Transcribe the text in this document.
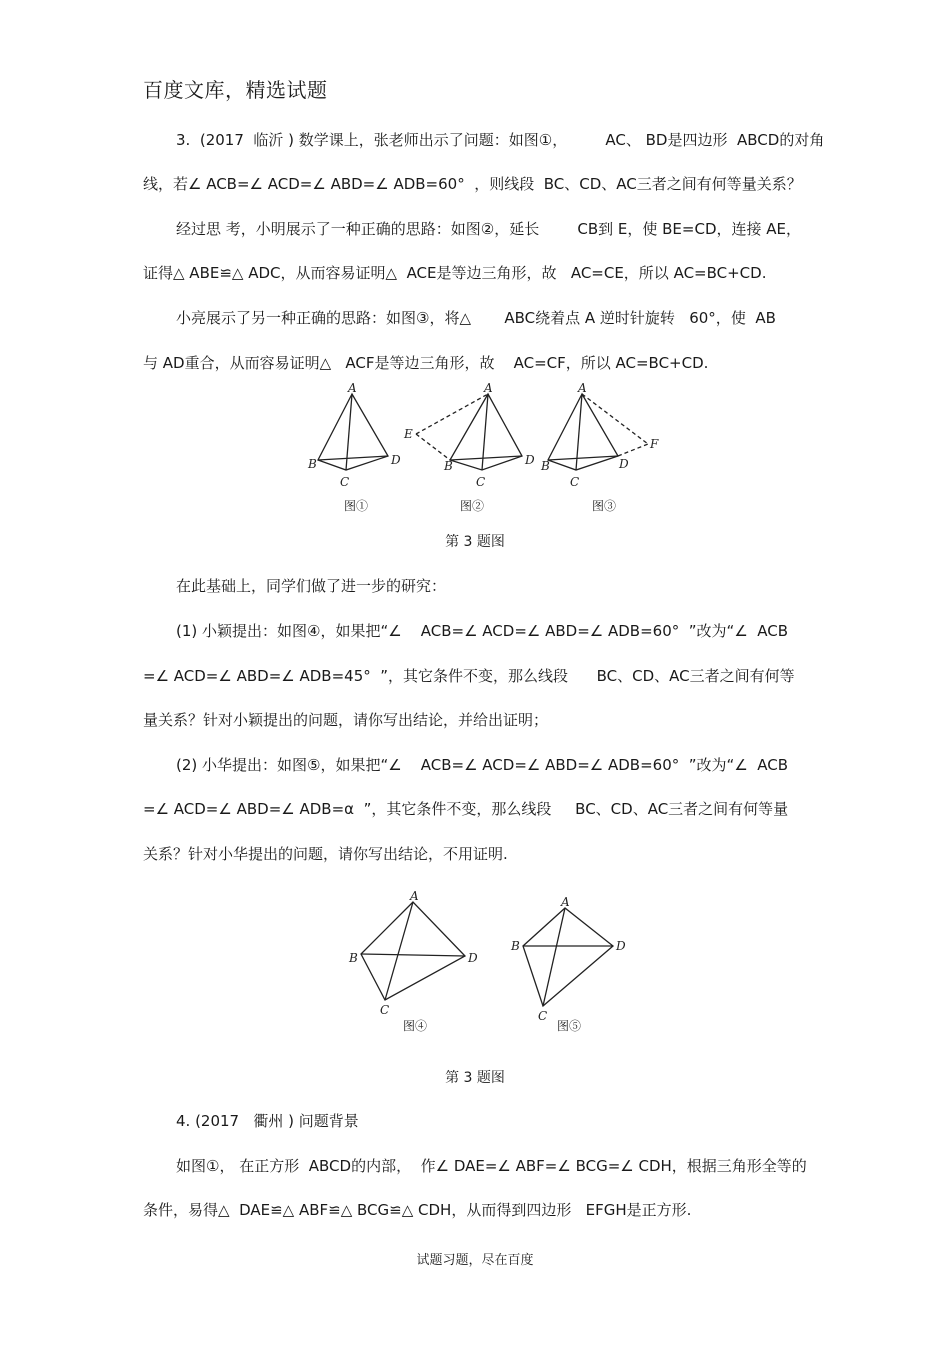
百度文库，精选试题
3.  (2017  临沂 ) 数学课上，张老师出示了问题：如图①，        AC、 BD是四边形  ABCD的对角
线，若∠ ACB=∠ ACD=∠ ABD=∠ ADB=60°  ，则线段  BC、CD、AC三者之间有何等量关系？
经过思 考，小明展示了一种正确的思路：如图②，延长        CB到 E，使 BE=CD，连接 AE，
证得△ ABE≌△ ADC，从而容易证明△  ACE是等边三角形，故   AC=CE，所以 AC=BC+CD.
小亮展示了另一种正确的思路：如图③，将△       ABC绕着点 A 逆时针旋转   60°，使  AB
与 AD重合，从而容易证明△   ACF是等边三角形，故    AC=CF，所以 AC=BC+CD.
A
B
C
D
图①
A
E
B
C
D
图②
A
B
C
D
F
图③
第 3 题图
在此基础上，同学们做了进一步的研究：
(1) 小颖提出：如图④，如果把“∠    ACB=∠ ACD=∠ ABD=∠ ADB=60°  ”改为“∠  ACB
=∠ ACD=∠ ABD=∠ ADB=45°  ”，其它条件不变，那么线段      BC、CD、AC三者之间有何等
量关系？针对小颖提出的问题，请你写出结论，并给出证明；
(2) 小华提出：如图⑤，如果把“∠    ACB=∠ ACD=∠ ABD=∠ ADB=60°  ”改为“∠  ACB
=∠ ACD=∠ ABD=∠ ADB=α  ”，其它条件不变，那么线段     BC、CD、AC三者之间有何等量
关系？针对小华提出的问题，请你写出结论，不用证明.
A
B
C
D
图④
A
B
C
D
图⑤
第 3 题图
4. (2017   衢州 ) 问题背景
如图①， 在正方形  ABCD的内部，  作∠ DAE=∠ ABF=∠ BCG=∠ CDH，根据三角形全等的
条件，易得△  DAE≌△ ABF≌△ BCG≌△ CDH，从而得到四边形   EFGH是正方形.
试题习题，尽在百度
